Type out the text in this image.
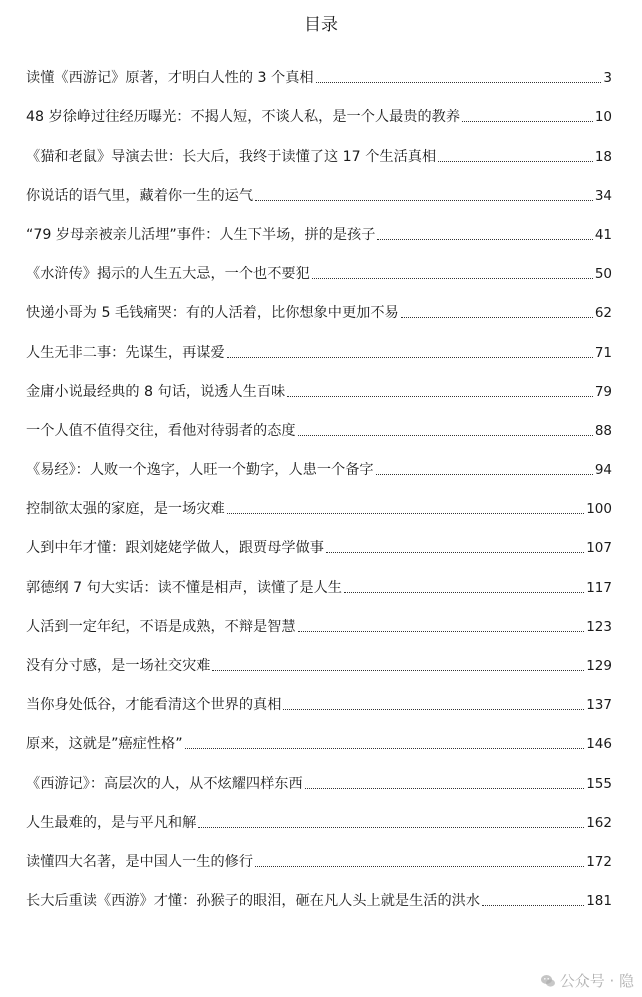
目录
读懂《西游记》原著，才明白人性的 3 个真相	3
48 岁徐峥过往经历曝光：不揭人短，不谈人私，是一个人最贵的教养	10
《猫和老鼠》导演去世：长大后，我终于读懂了这 17 个生活真相	18
你说话的语气里，藏着你一生的运气	34
“79 岁母亲被亲儿活埋”事件：人生下半场，拼的是孩子	41
《水浒传》揭示的人生五大忌，一个也不要犯	50
快递小哥为 5 毛钱痛哭：有的人活着，比你想象中更加不易	62
人生无非二事：先谋生，再谋爱	71
金庸小说最经典的 8 句话，说透人生百味	79
一个人值不值得交往，看他对待弱者的态度	88
《易经》：人败一个逸字，人旺一个勤字，人患一个备字	94
控制欲太强的家庭，是一场灾难	100
人到中年才懂：跟刘姥姥学做人，跟贾母学做事	107
郭德纲 7 句大实话：读不懂是相声，读懂了是人生	117
人活到一定年纪，不语是成熟，不辩是智慧	123
没有分寸感，是一场社交灾难	129
当你身处低谷，才能看清这个世界的真相	137
原来，这就是”癌症性格”	146
《西游记》：高层次的人，从不炫耀四样东西	155
人生最难的，是与平凡和解	162
读懂四大名著，是中国人一生的修行	172
长大后重读《西游》才懂：孙猴子的眼泪，砸在凡人头上就是生活的洪水	181
公众号 · 隐
